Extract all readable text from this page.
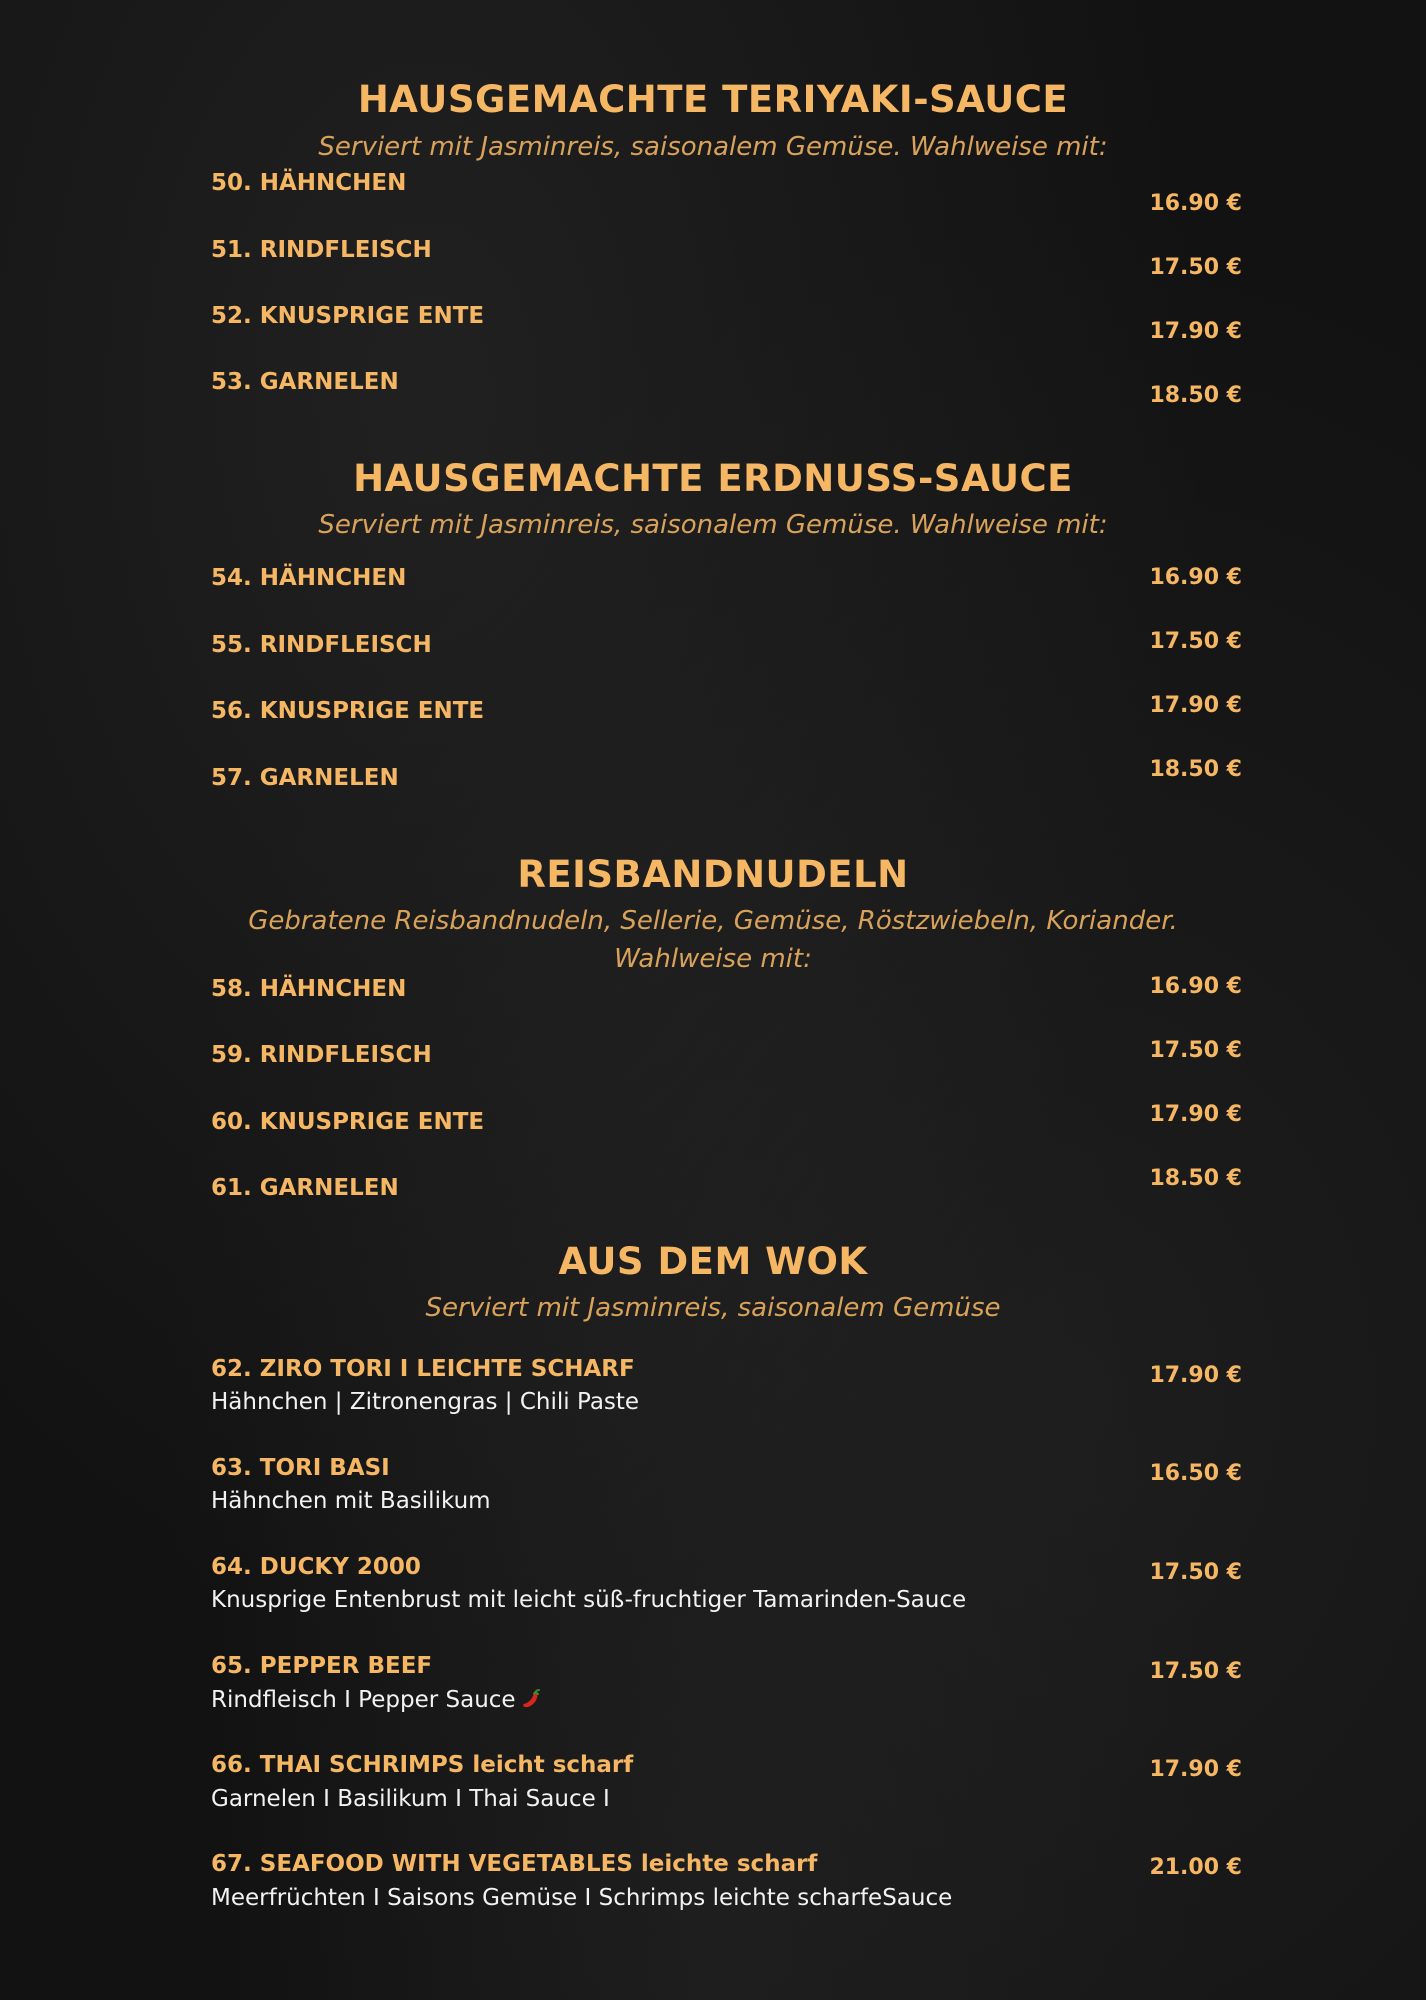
HAUSGEMACHTE TERIYAKI-SAUCE
Serviert mit Jasminreis, saisonalem Gemüse. Wahlweise mit:
50. HÄHNCHEN
16.90 €
51. RINDFLEISCH
17.50 €
52. KNUSPRIGE ENTE
17.90 €
53. GARNELEN
18.50 €
HAUSGEMACHTE ERDNUSS-SAUCE
Serviert mit Jasminreis, saisonalem Gemüse. Wahlweise mit:
54. HÄHNCHEN	16.90 €
55. RINDFLEISCH	17.50 €
56. KNUSPRIGE ENTE	17.90 €
57. GARNELEN	18.50 €
REISBANDNUDELN
Gebratene Reisbandnudeln, Sellerie, Gemüse, Röstzwiebeln, Koriander.
Wahlweise mit:
58. HÄHNCHEN	16.90 €
59. RINDFLEISCH	17.50 €
60. KNUSPRIGE ENTE	17.90 €
61. GARNELEN	18.50 €
AUS DEM WOK
Serviert mit Jasminreis, saisonalem Gemüse
62. ZIRO TORI I LEICHTE SCHARF
Hähnchen | Zitronengras | Chili Paste
17.90 €
63. TORI BASI
Hähnchen mit Basilikum
16.50 €
64. DUCKY 2000
Knusprige Entenbrust mit leicht süß-fruchtiger Tamarinden-Sauce
17.50 €
65. PEPPER BEEF
Rindfleisch I Pepper Sauce
17.50 €
66. THAI SCHRIMPS leicht scharf
Garnelen I Basilikum I Thai Sauce I
17.90 €
67. SEAFOOD WITH VEGETABLES leichte scharf
Meerfrüchten I Saisons Gemüse I Schrimps leichte scharfeSauce
21.00 €
